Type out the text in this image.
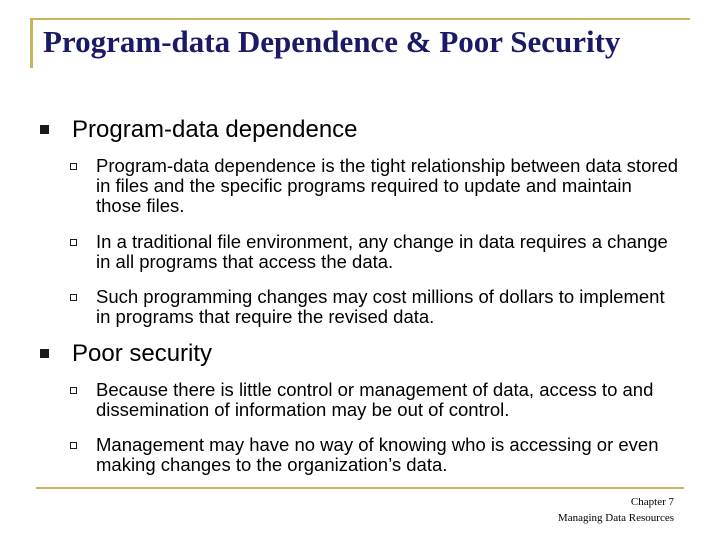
Program-data Dependence & Poor Security
Program-data dependence
Program-data dependence is the tight relationship between data stored in files and the specific programs required to update and maintain those files.
In a traditional file environment, any change in data requires a change in all programs that access the data.
Such programming changes may cost millions of dollars to implement in programs that require the revised data.
Poor security
Because there is little control or management of data, access to and dissemination of information may be out of control.
Management may have no way of knowing who is accessing or even making changes to the organization’s data.
Chapter 7
Managing Data Resources
